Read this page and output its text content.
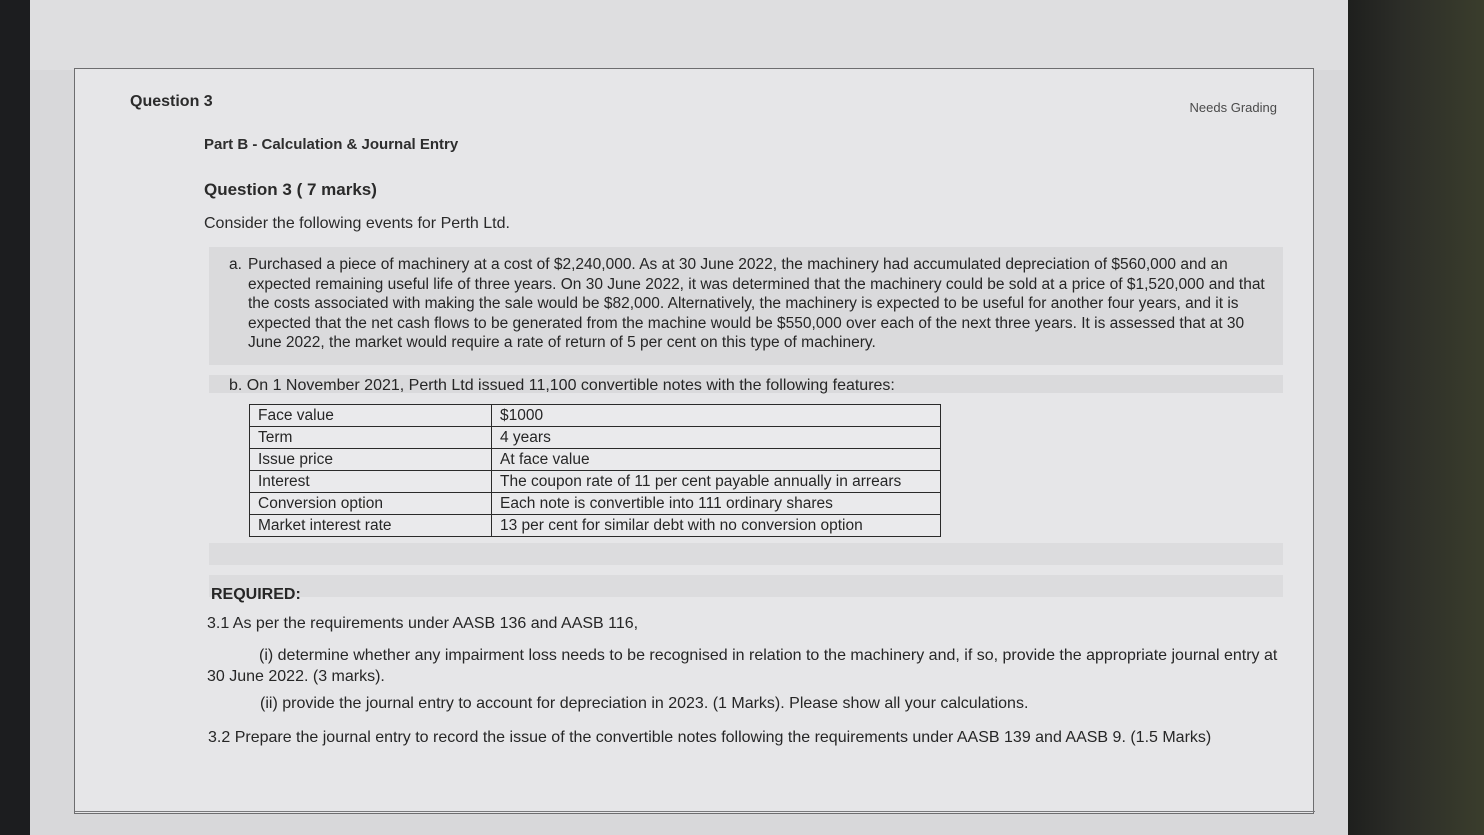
Question 3	Needs Grading
Part B - Calculation & Journal Entry
Question 3 ( 7 marks)
Consider the following events for Perth Ltd.
a. Purchased a piece of machinery at a cost of $2,240,000. As at 30 June 2022, the machinery had accumulated depreciation of $560,000 and an expected remaining useful life of three years. On 30 June 2022, it was determined that the machinery could be sold at a price of $1,520,000 and that the costs associated with making the sale would be $82,000. Alternatively, the machinery is expected to be useful for another four years, and it is expected that the net cash flows to be generated from the machine would be $550,000 over each of the next three years. It is assessed that at 30 June 2022, the market would require a rate of return of 5 per cent on this type of machinery.
b. On 1 November 2021, Perth Ltd issued 11,100 convertible notes with the following features:
Face value	$1000
Term	4 years
Issue price	At face value
Interest	The coupon rate of 11 per cent payable annually in arrears
Conversion option	Each note is convertible into 111 ordinary shares
Market interest rate	13 per cent for similar debt with no conversion option
REQUIRED:
3.1 As per the requirements under AASB 136 and AASB 116,
(i) determine whether any impairment loss needs to be recognised in relation to the machinery and, if so, provide the appropriate journal entry at 30 June 2022. (3 marks).
(ii) provide the journal entry to account for depreciation in 2023. (1 Marks). Please show all your calculations.
3.2 Prepare the journal entry to record the issue of the convertible notes following the requirements under AASB 139 and AASB 9. (1.5 Marks)
